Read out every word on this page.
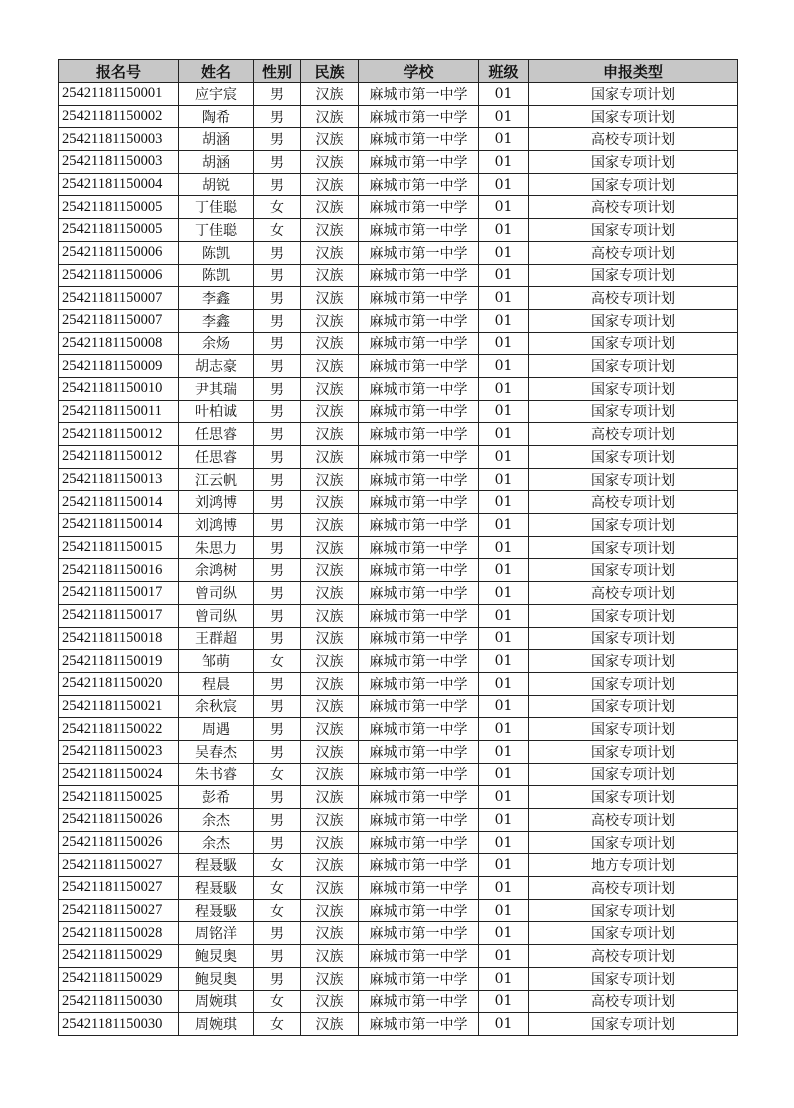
报名号	姓名	性别	民族	学校	班级	申报类型
25421181150001	应宇宸	男	汉族	麻城市第一中学	01	国家专项计划
25421181150002	陶希	男	汉族	麻城市第一中学	01	国家专项计划
25421181150003	胡涵	男	汉族	麻城市第一中学	01	高校专项计划
25421181150003	胡涵	男	汉族	麻城市第一中学	01	国家专项计划
25421181150004	胡锐	男	汉族	麻城市第一中学	01	国家专项计划
25421181150005	丁佳聪	女	汉族	麻城市第一中学	01	高校专项计划
25421181150005	丁佳聪	女	汉族	麻城市第一中学	01	国家专项计划
25421181150006	陈凯	男	汉族	麻城市第一中学	01	高校专项计划
25421181150006	陈凯	男	汉族	麻城市第一中学	01	国家专项计划
25421181150007	李鑫	男	汉族	麻城市第一中学	01	高校专项计划
25421181150007	李鑫	男	汉族	麻城市第一中学	01	国家专项计划
25421181150008	余炀	男	汉族	麻城市第一中学	01	国家专项计划
25421181150009	胡志豪	男	汉族	麻城市第一中学	01	国家专项计划
25421181150010	尹其瑞	男	汉族	麻城市第一中学	01	国家专项计划
25421181150011	叶柏诚	男	汉族	麻城市第一中学	01	国家专项计划
25421181150012	任思睿	男	汉族	麻城市第一中学	01	高校专项计划
25421181150012	任思睿	男	汉族	麻城市第一中学	01	国家专项计划
25421181150013	江云帆	男	汉族	麻城市第一中学	01	国家专项计划
25421181150014	刘鸿博	男	汉族	麻城市第一中学	01	高校专项计划
25421181150014	刘鸿博	男	汉族	麻城市第一中学	01	国家专项计划
25421181150015	朱思力	男	汉族	麻城市第一中学	01	国家专项计划
25421181150016	余鸿树	男	汉族	麻城市第一中学	01	国家专项计划
25421181150017	曾司纵	男	汉族	麻城市第一中学	01	高校专项计划
25421181150017	曾司纵	男	汉族	麻城市第一中学	01	国家专项计划
25421181150018	王群超	男	汉族	麻城市第一中学	01	国家专项计划
25421181150019	邹萌	女	汉族	麻城市第一中学	01	国家专项计划
25421181150020	程晨	男	汉族	麻城市第一中学	01	国家专项计划
25421181150021	余秋宸	男	汉族	麻城市第一中学	01	国家专项计划
25421181150022	周遇	男	汉族	麻城市第一中学	01	国家专项计划
25421181150023	吴春杰	男	汉族	麻城市第一中学	01	国家专项计划
25421181150024	朱书睿	女	汉族	麻城市第一中学	01	国家专项计划
25421181150025	彭希	男	汉族	麻城市第一中学	01	国家专项计划
25421181150026	余杰	男	汉族	麻城市第一中学	01	高校专项计划
25421181150026	余杰	男	汉族	麻城市第一中学	01	国家专项计划
25421181150027	程聂馺	女	汉族	麻城市第一中学	01	地方专项计划
25421181150027	程聂馺	女	汉族	麻城市第一中学	01	高校专项计划
25421181150027	程聂馺	女	汉族	麻城市第一中学	01	国家专项计划
25421181150028	周铭洋	男	汉族	麻城市第一中学	01	国家专项计划
25421181150029	鲍炅奥	男	汉族	麻城市第一中学	01	高校专项计划
25421181150029	鲍炅奥	男	汉族	麻城市第一中学	01	国家专项计划
25421181150030	周婉琪	女	汉族	麻城市第一中学	01	高校专项计划
25421181150030	周婉琪	女	汉族	麻城市第一中学	01	国家专项计划
